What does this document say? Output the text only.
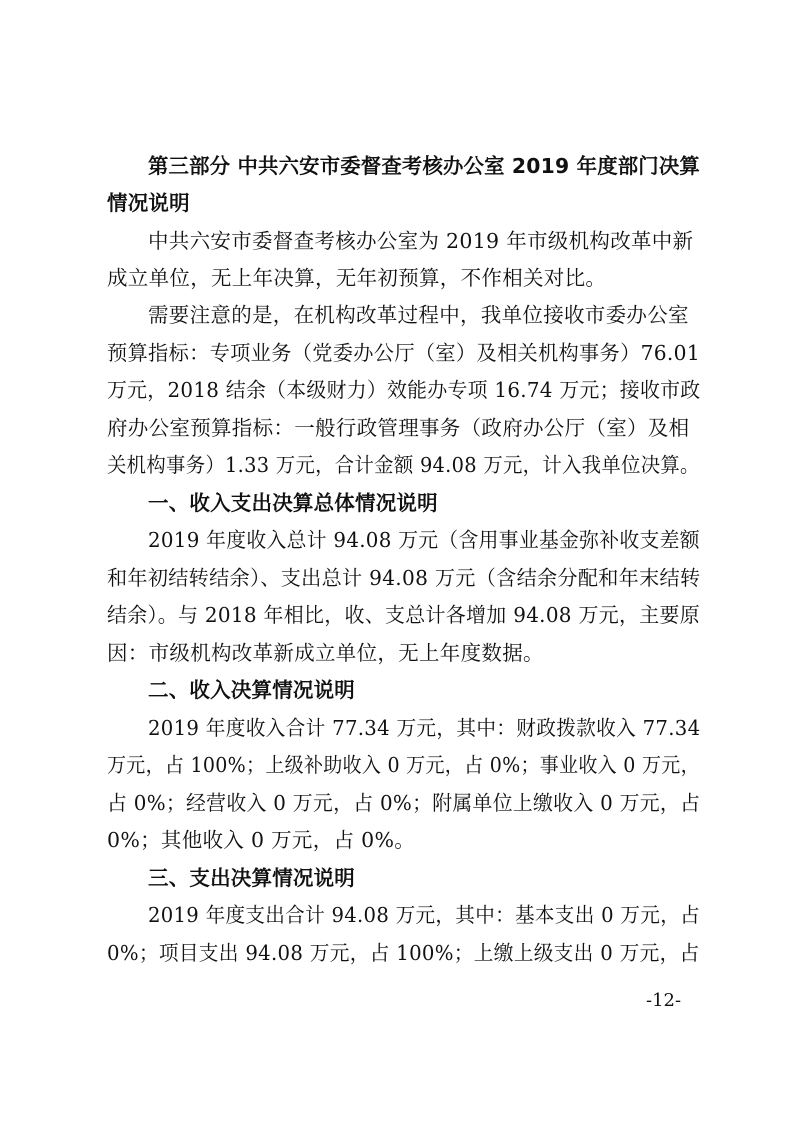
第三部分 中共六安市委督查考核办公室 2019 年度部门决算
情况说明
中共六安市委督查考核办公室为 2019 年市级机构改革中新
成立单位，无上年决算，无年初预算，不作相关对比。
需要注意的是，在机构改革过程中，我单位接收市委办公室
预算指标：专项业务（党委办公厅（室）及相关机构事务）76.01
万元，2018 结余（本级财力）效能办专项 16.74 万元；接收市政
府办公室预算指标：一般行政管理事务（政府办公厅（室）及相
关机构事务）1.33 万元，合计金额 94.08 万元，计入我单位决算。
一、收入支出决算总体情况说明
2019 年度收入总计 94.08 万元（含用事业基金弥补收支差额
和年初结转结余）、支出总计 94.08 万元（含结余分配和年末结转
结余）。与 2018 年相比，收、支总计各增加 94.08 万元，主要原
因：市级机构改革新成立单位，无上年度数据。
二、收入决算情况说明
2019 年度收入合计 77.34 万元，其中：财政拨款收入 77.34
万元，占 100%；上级补助收入 0 万元，占 0%；事业收入 0 万元，
占 0%；经营收入 0 万元，占 0%；附属单位上缴收入 0 万元，占
0%；其他收入 0 万元，占 0%。
三、支出决算情况说明
2019 年度支出合计 94.08 万元，其中：基本支出 0 万元，占
0%；项目支出 94.08 万元，占 100%；上缴上级支出 0 万元，占
-12-
